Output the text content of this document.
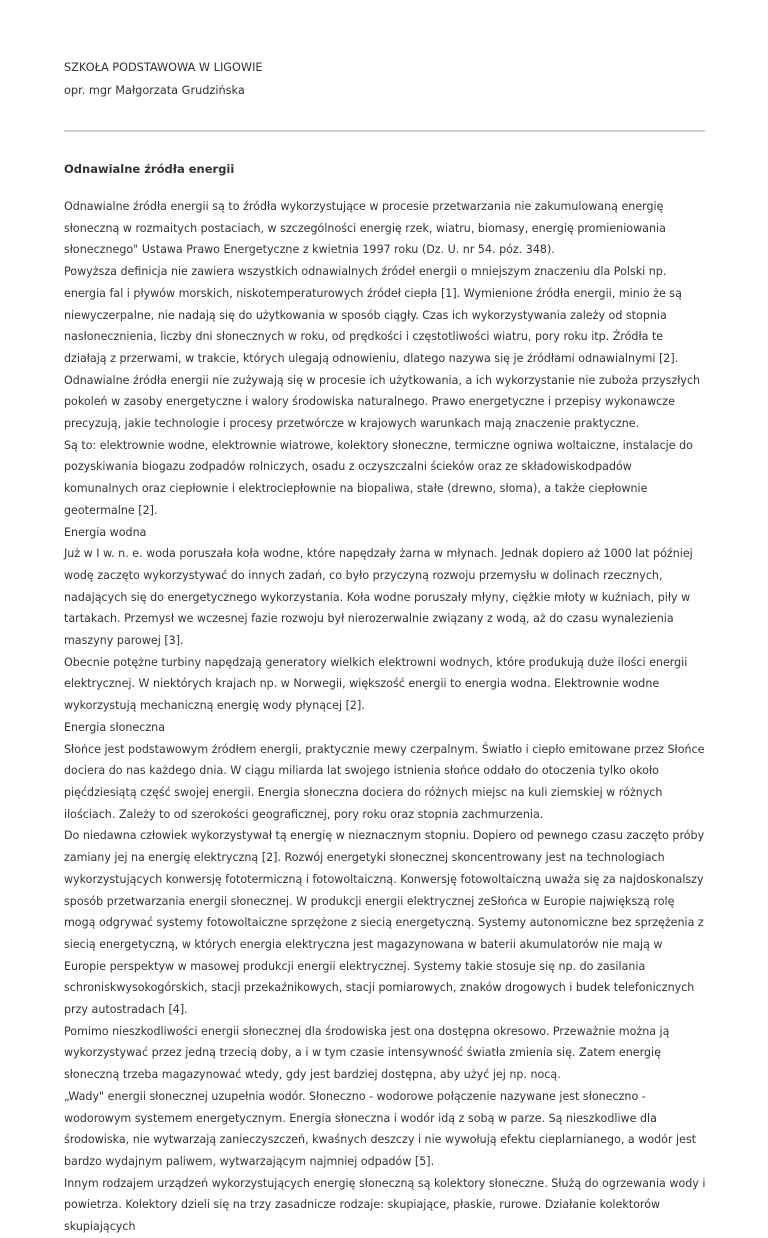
SZKOŁA PODSTAWOWA W LIGOWIE
opr. mgr Małgorzata Grudzińska
Odnawialne źródła energii

Odnawialne źródła energii są to źródła wykorzystujące w procesie przetwarzania nie zakumulowaną energię słoneczną w rozmaitych postaciach, w szczególności energię rzek, wiatru, biomasy, energię promieniowania słonecznego" Ustawa Prawo Energetyczne z kwietnia 1997 roku (Dz. U. nr 54. póz. 348).

Powyższa definicja nie zawiera wszystkich odnawialnych źródeł energii o mniejszym znaczeniu dla Polski np. energia fal i pływów morskich, niskotemperaturowych źródeł ciepła [1]. Wymienione źródła energii, minio że są niewyczerpalne, nie nadają się do użytkowania w sposób ciągły. Czas ich wykorzystywania zależy od stopnia nasłonecznienia, liczby dni słonecznych w roku, od prędkości i częstotliwości wiatru, pory roku itp. Źródła te działają z przerwami, w trakcie, których ulegają odnowieniu, dlatego nazywa się je źródłami odnawialnymi [2]. Odnawialne źródła energii nie zużywają się w procesie ich użytkowania, a ich wykorzystanie nie zuboża przyszłych pokoleń w zasoby energetyczne i walory środowiska naturalnego. Prawo energetyczne i przepisy wykonawcze precyzują, jakie technologie i procesy przetwórcze w krajowych warunkach mają znaczenie praktyczne.

Są to: elektrownie wodne, elektrownie wiatrowe, kolektory słoneczne, termiczne ogniwa woltaiczne, instalacje do pozyskiwania biogazu zodpadów rolniczych, osadu z oczyszczalni ścieków oraz ze składowiskodpadów komunalnych oraz ciepłownie i elektrociepłownie na biopaliwa, stałe (drewno, słoma), a także ciepłownie geotermalne [2].

Energia wodna

Już w I w. n. e. woda poruszała koła wodne, które napędzały żarna w młynach. Jednak dopiero aż 1000 lat później wodę zaczęto wykorzystywać do innych zadań, co było przyczyną rozwoju przemysłu w dolinach rzecznych, nadających się do energetycznego wykorzystania. Koła wodne poruszały młyny, ciężkie młoty w kuźniach, piły w tartakach. Przemysł we wczesnej fazie rozwoju był nierozerwalnie związany z wodą, aż do czasu wynalezienia maszyny parowej [3].

Obecnie potężne turbiny napędzają generatory wielkich elektrowni wodnych, które produkują duże ilości energii elektrycznej. W niektórych krajach np. w Norwegii, większość energii to energia wodna. Elektrownie wodne wykorzystują mechaniczną energię wody płynącej [2].

Energia słoneczna

Słońce jest podstawowym źródłem energii, praktycznie mewy czerpalnym. Światło i ciepło emitowane przez Słońce dociera do nas każdego dnia. W ciągu miliarda lat swojego istnienia słońce oddało do otoczenia tylko około pięćdziesiątą część swojej energii. Energia słoneczna dociera do różnych miejsc na kuli ziemskiej w różnych ilościach. Zależy to od szerokości geograficznej, pory roku oraz stopnia zachmurzenia.

Do niedawna człowiek wykorzystywał tą energię w nieznacznym stopniu. Dopiero od pewnego czasu zaczęto próby zamiany jej na energię elektryczną [2]. Rozwój energetyki słonecznej skoncentrowany jest na technologiach wykorzystujących konwersję fototermiczną i fotowoltaiczną. Konwersję fotowoltaiczną uważa się za najdoskonalszy sposób przetwarzania energii słonecznej. W produkcji energii elektrycznej zeSłońca w Europie największą rolę mogą odgrywać systemy fotowoltaiczne sprzężone z siecią energetyczną. Systemy autonomiczne bez sprzężenia z siecią energetyczną, w których energia elektryczna jest magazynowana w baterii akumulatorów nie mają w Europie perspektyw w masowej produkcji energii elektrycznej. Systemy takie stosuje się np. do zasilania schroniskwysokogórskich, stacji przekaźnikowych, stacji pomiarowych, znaków drogowych i budek telefonicznych przy autostradach [4].

Pomimo nieszkodliwości energii słonecznej dla środowiska jest ona dostępna okresowo. Przeważnie można ją wykorzystywać przez jedną trzecią doby, a i w tym czasie intensywność światła zmienia się. Zatem energię słoneczną trzeba magazynować wtedy, gdy jest bardziej dostępna, aby użyć jej np. nocą.

„Wady" energii słonecznej uzupełnia wodór. Słoneczno - wodorowe połączenie nazywane jest słoneczno - wodorowym systemem energetycznym. Energia słoneczna i wodór idą z sobą w parze. Są nieszkodliwe dla środowiska, nie wytwarzają zanieczyszczeń, kwaśnych deszczy i nie wywołują efektu cieplarnianego, a wodór jest bardzo wydajnym paliwem, wytwarzającym najmniej odpadów [5].

Innym rodzajem urządzeń wykorzystujących energię słoneczną są kolektory słoneczne. Służą do ogrzewania wody i powietrza. Kolektory dzieli się na trzy zasadnicze rodzaje: skupiające, płaskie, rurowe. Działanie kolektorów skupiających
